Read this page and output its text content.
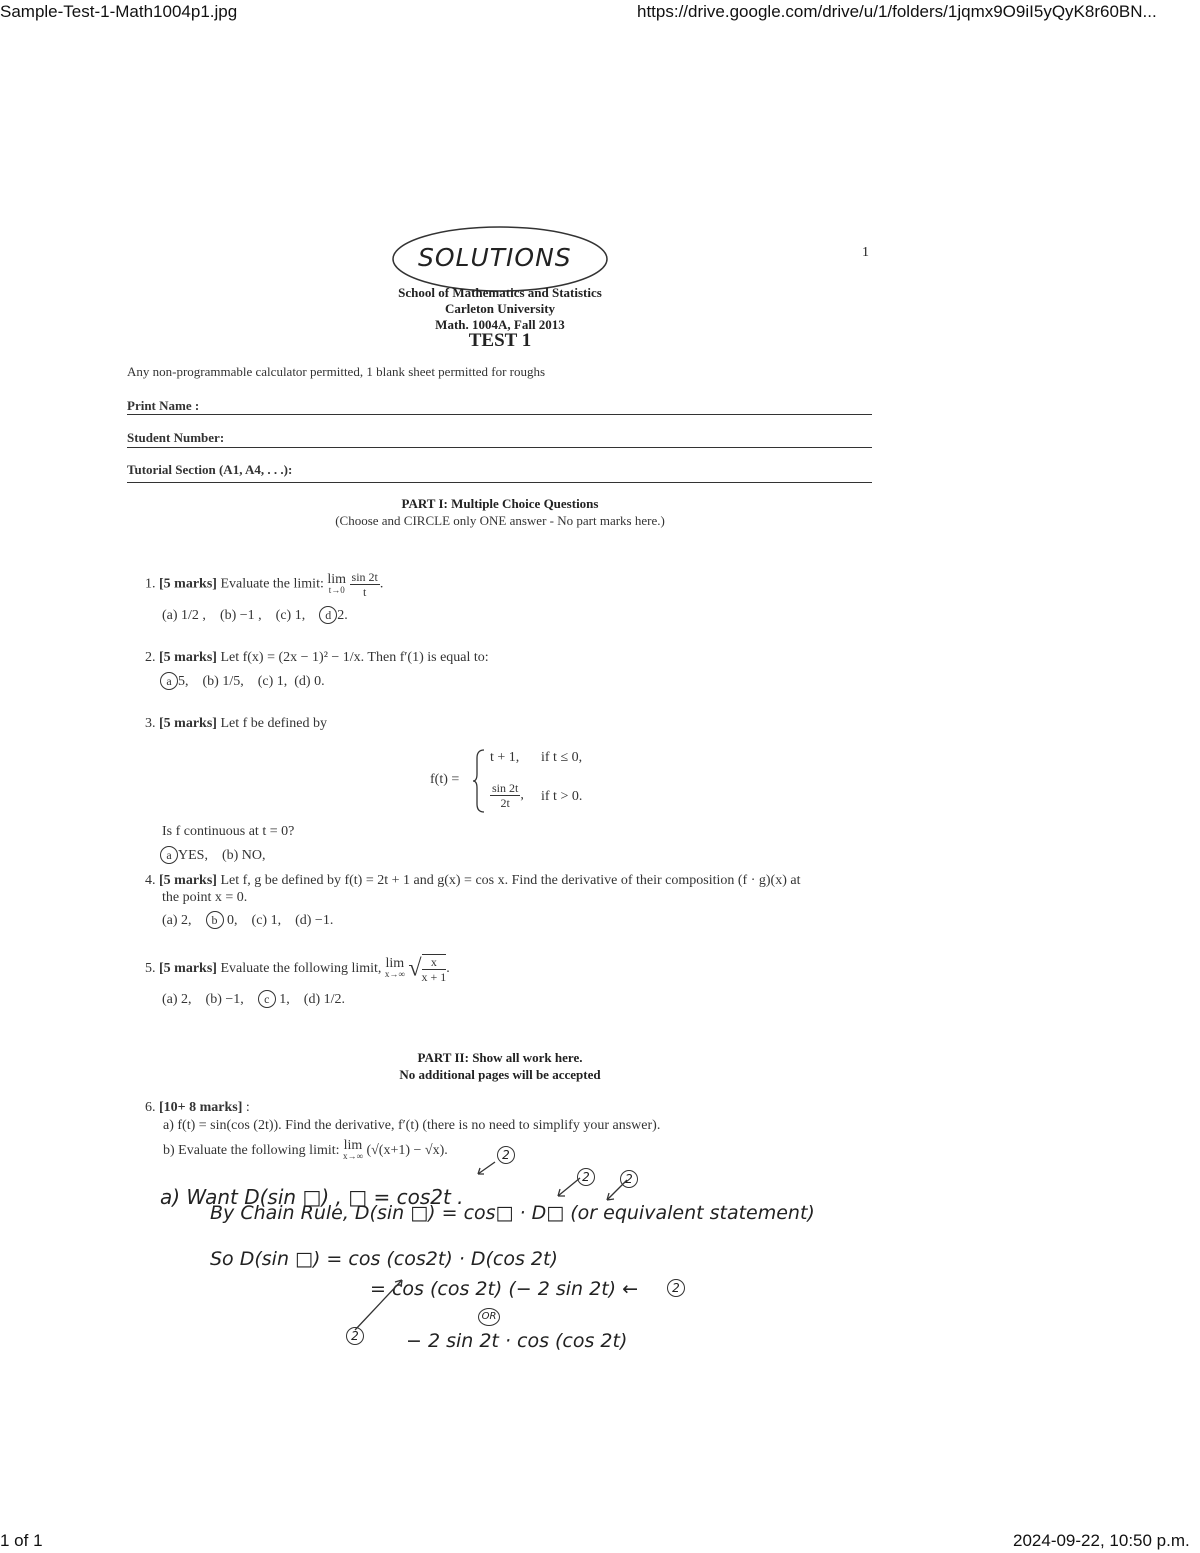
Sample-Test-1-Math1004p1.jpg	https://drive.google.com/drive/u/1/folders/1jqmx9O9iI5yQyK8r60BN...
1 of 1	2024-09-22, 10:50 p.m.
SOLUTIONS	1
School of Mathematics and Statistics
Carleton University
Math. 1004A, Fall 2013
TEST 1
Any non-programmable calculator permitted, 1 blank sheet permitted for roughs
Print Name :
Student Number:
Tutorial Section (A1, A4, . . .):
PART I: Multiple Choice Questions
(Choose and CIRCLE only ONE answer - No part marks here.)
1. [5 marks] Evaluate the limit: lim
t→0
$\frac{\sin 2t}{t}$ .
(a) 1/2 , (b) −1 , (c) 1, d 2.
2. [5 marks] Let f(x) = (2x − 1)² − 1/x. Then f′(1) is equal to:
a 5, (b) 1/5, (c) 1, (d) 0.
3. [5 marks] Let f be defined by
f(t) =
t + 1, if t ≤ 0,
$\frac{\sin 2t}{2t}$ , if t > 0.
Is f continuous at t = 0?
a YES, (b) NO,
4. [5 marks] Let f, g be defined by f(t) = 2t + 1 and g(x) = cos x. Find the derivative of their composition (f · g)(x) at
the point x = 0.
(a) 2, b 0, (c) 1, (d) −1.
5. [5 marks] Evaluate the following limit, lim
x→∞ √ $\frac{x}{x + 1}$ .
(a) 2, (b) −1, c 1, (d) 1/2.
PART II: Show all work here.
No additional pages will be accepted
6. [10+ 8 marks] :
a) f(t) = sin(cos (2t)). Find the derivative, f′(t) (there is no need to simplify your answer).
b) Evaluate the following limit: lim
x→∞ (√(x+1) − √x).
a) Want D(sin □) , □ = cos2t .
By Chain Rule, D(sin □) = cos□ · D□ (or equivalent statement)
So D(sin □) = cos (cos2t) · D(cos 2t)
= cos (cos 2t) (− 2 sin 2t) ←
OR
− 2 sin 2t · cos (cos 2t)
2
2	2
2
2
